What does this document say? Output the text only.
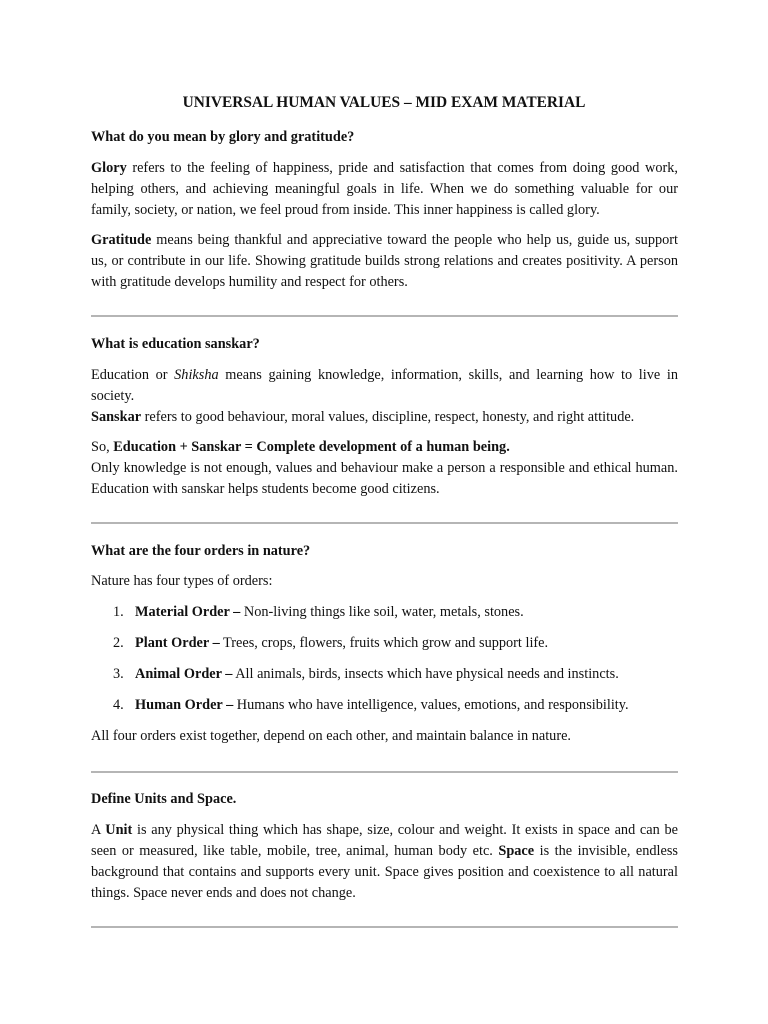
UNIVERSAL HUMAN VALUES – MID EXAM MATERIAL

What do you mean by glory and gratitude?

Glory refers to the feeling of happiness, pride and satisfaction that comes from doing good work, helping others, and achieving meaningful goals in life. When we do something valuable for our family, society, or nation, we feel proud from inside. This inner happiness is called glory.

Gratitude means being thankful and appreciative toward the people who help us, guide us, support us, or contribute in our life. Showing gratitude builds strong relations and creates positivity. A person with gratitude develops humility and respect for others.

What is education sanskar?

Education or Shiksha means gaining knowledge, information, skills, and learning how to live in society.

Sanskar refers to good behaviour, moral values, discipline, respect, honesty, and right attitude.

So, Education + Sanskar = Complete development of a human being.

Only knowledge is not enough, values and behaviour make a person a responsible and ethical human. Education with sanskar helps students become good citizens.

What are the four orders in nature?

Nature has four types of orders:

1. Material Order – Non-living things like soil, water, metals, stones.
2. Plant Order – Trees, crops, flowers, fruits which grow and support life.
3. Animal Order – All animals, birds, insects which have physical needs and instincts.
4. Human Order – Humans who have intelligence, values, emotions, and responsibility.

All four orders exist together, depend on each other, and maintain balance in nature.

Define Units and Space.

A Unit is any physical thing which has shape, size, colour and weight. It exists in space and can be seen or measured, like table, mobile, tree, animal, human body etc. Space is the invisible, endless background that contains and supports every unit. Space gives position and coexistence to all natural things. Space never ends and does not change.
